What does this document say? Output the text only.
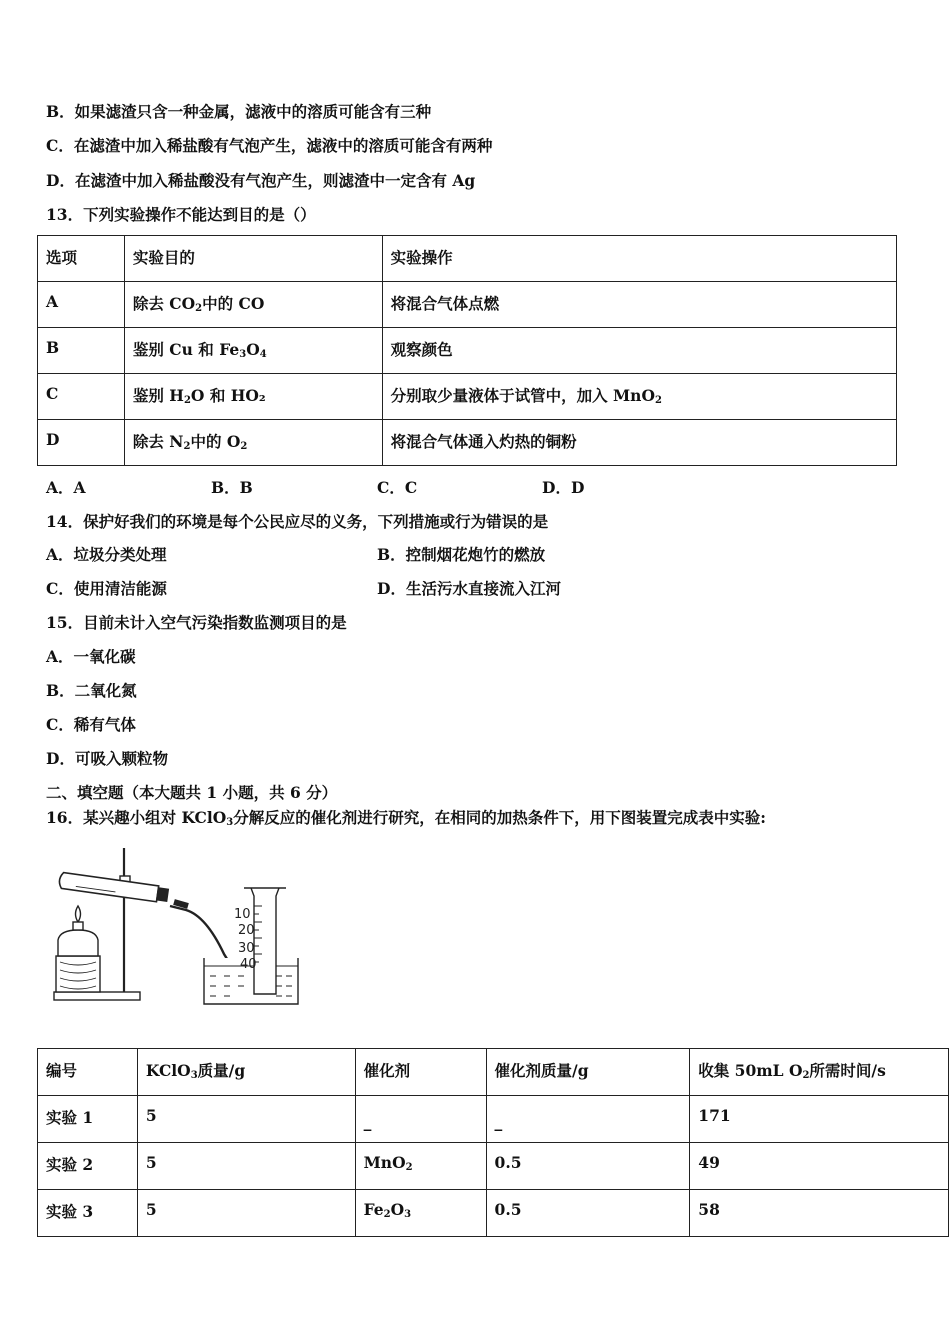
B．如果滤渣只含一种金属，滤液中的溶质可能含有三种
C．在滤渣中加入稀盐酸有气泡产生，滤液中的溶质可能含有两种
D．在滤渣中加入稀盐酸没有气泡产生，则滤渣中一定含有 Ag
13．下列实验操作不能达到目的是（）
选项	实验目的	实验操作
A	除去 $CO_2$中的 CO	将混合气体点燃
B	鉴别 Cu 和 $Fe_3O_4$	观察颜色
C	鉴别 $H_2O$ 和 HO₂	分别取少量液体于试管中，加入 MnO$_2$
D	除去 $N_2$中的 $O_2$	将混合气体通入灼热的铜粉
A．A	B．B	C．C	D．D
14．保护好我们的环境是每个公民应尽的义务，下列措施或行为错误的是
A．垃圾分类处理	B．控制烟花炮竹的燃放
C．使用清洁能源	D．生活污水直接流入江河
15．目前未计入空气污染指数监测项目的是
A．一氧化碳
B．二氧化氮
C．稀有气体
D．可吸入颗粒物
二、填空题（本大题共 1 小题，共 6 分）
16．某兴趣小组对 KClO$_3$分解反应的催化剂进行研究，在相同的加热条件下，用下图装置完成表中实验:
10
20
30
40
编号	KClO$_3$质量/g	催化剂	催化剂质量/g	收集 50mL $O_2$所需时间/s
实验 1	5	_	_	171
实验 2	5	MnO$_2$	0.5	49
实验 3	5	$Fe_2O_3$	0.5	58
